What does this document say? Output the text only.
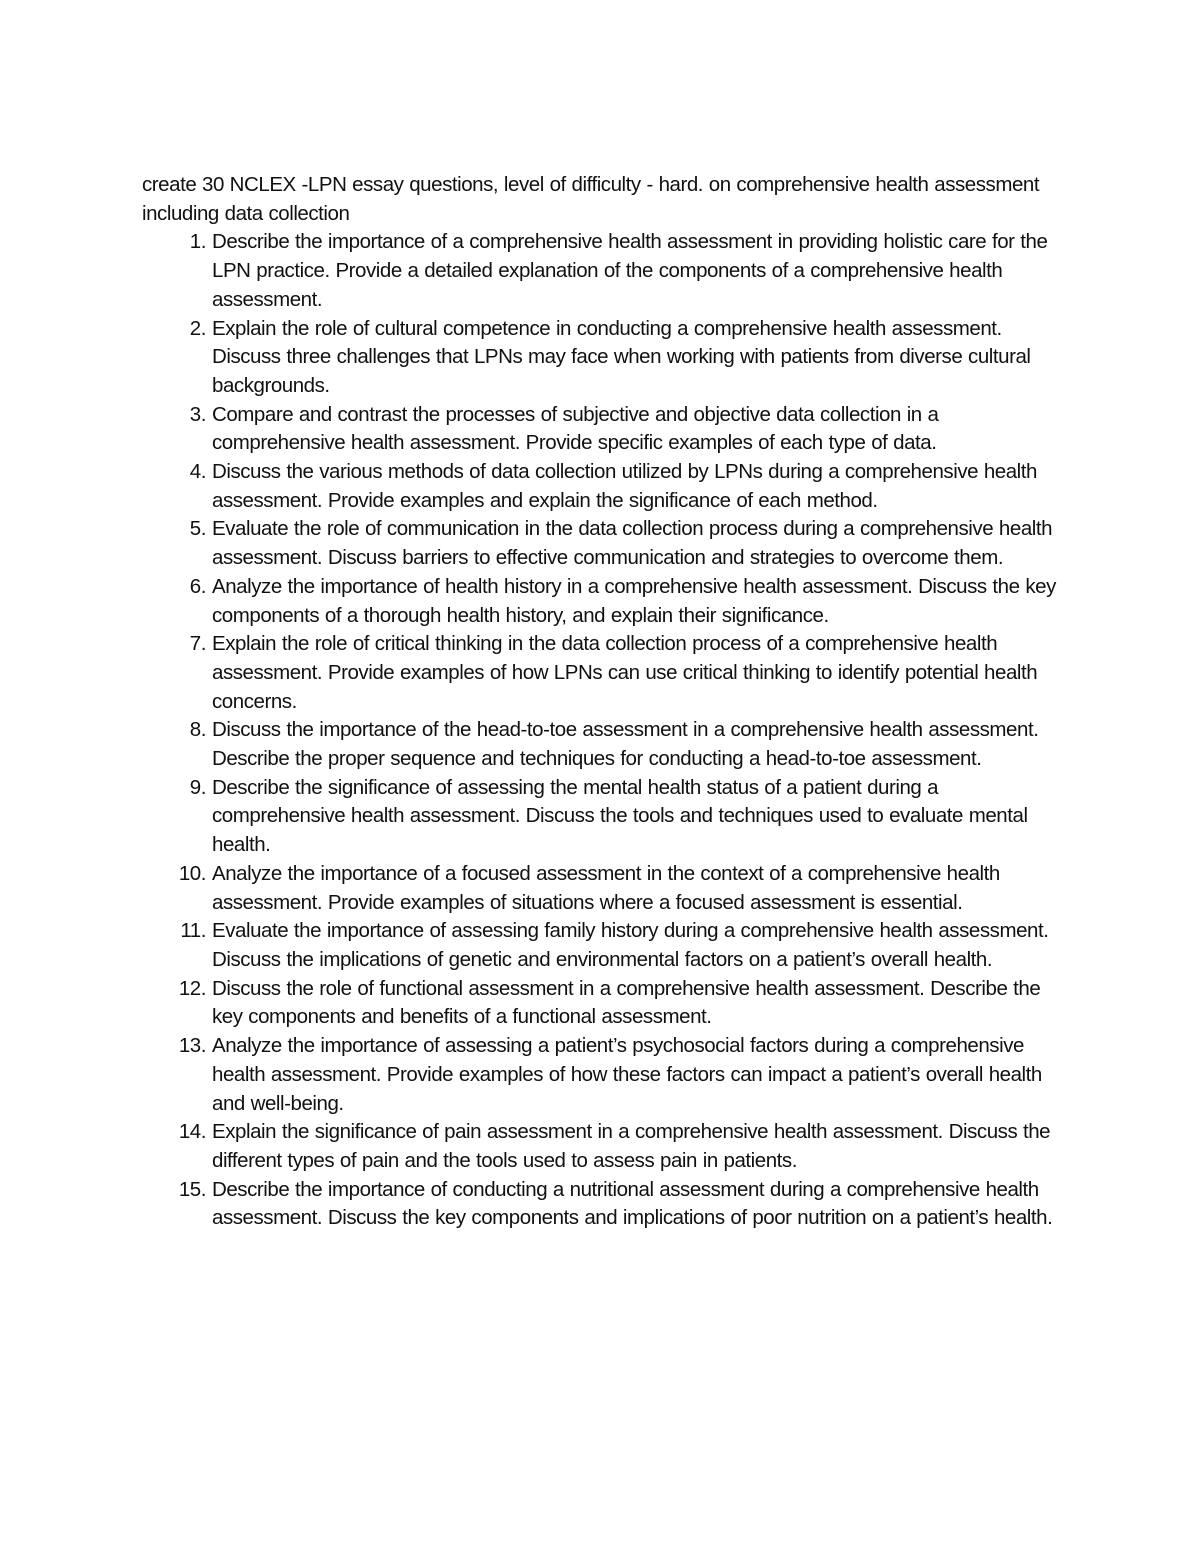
create 30 NCLEX -LPN essay questions, level of difficulty - hard. on comprehensive health assessment including data collection

1. Describe the importance of a comprehensive health assessment in providing holistic care for the LPN practice. Provide a detailed explanation of the components of a comprehensive health assessment.
2. Explain the role of cultural competence in conducting a comprehensive health assessment. Discuss three challenges that LPNs may face when working with patients from diverse cultural backgrounds.
3. Compare and contrast the processes of subjective and objective data collection in a comprehensive health assessment. Provide specific examples of each type of data.
4. Discuss the various methods of data collection utilized by LPNs during a comprehensive health assessment. Provide examples and explain the significance of each method.
5. Evaluate the role of communication in the data collection process during a comprehensive health assessment. Discuss barriers to effective communication and strategies to overcome them.
6. Analyze the importance of health history in a comprehensive health assessment. Discuss the key components of a thorough health history, and explain their significance.
7. Explain the role of critical thinking in the data collection process of a comprehensive health assessment. Provide examples of how LPNs can use critical thinking to identify potential health concerns.
8. Discuss the importance of the head-to-toe assessment in a comprehensive health assessment. Describe the proper sequence and techniques for conducting a head-to-toe assessment.
9. Describe the significance of assessing the mental health status of a patient during a comprehensive health assessment. Discuss the tools and techniques used to evaluate mental health.
10. Analyze the importance of a focused assessment in the context of a comprehensive health assessment. Provide examples of situations where a focused assessment is essential.
11. Evaluate the importance of assessing family history during a comprehensive health assessment. Discuss the implications of genetic and environmental factors on a patient’s overall health.
12. Discuss the role of functional assessment in a comprehensive health assessment. Describe the key components and benefits of a functional assessment.
13. Analyze the importance of assessing a patient’s psychosocial factors during a comprehensive health assessment. Provide examples of how these factors can impact a patient’s overall health and well-being.
14. Explain the significance of pain assessment in a comprehensive health assessment. Discuss the different types of pain and the tools used to assess pain in patients.
15. Describe the importance of conducting a nutritional assessment during a comprehensive health assessment. Discuss the key components and implications of poor nutrition on a patient’s health.
